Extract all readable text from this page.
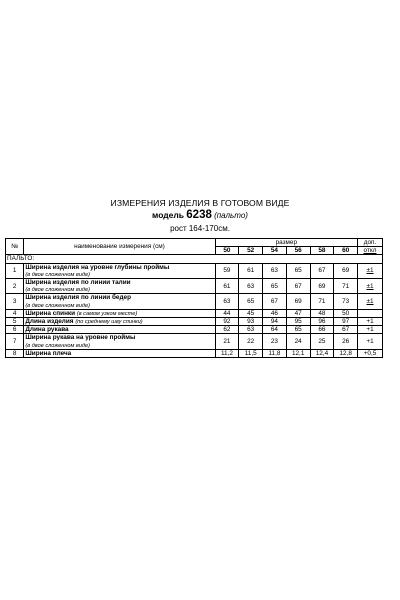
ИЗМЕРЕНИЯ ИЗДЕЛИЯ В ГОТОВОМ ВИДЕ
модель 6238 (пальто)
рост 164-170см.
№	наименование измерения (см)	размер						доп.
		50	52	54	56	58	60	откл
ПАЛЬТО:								
1	Ширина изделия на уровне глубины проймы
(в двое сложенном виде)	59	61	63	65	67	69	±1
2	Ширина изделия по линии талии
(в двое сложенном виде)	61	63	65	67	69	71	±1
3	Ширина изделия по линии бедер
(в двое сложенном виде)	63	65	67	69	71	73	±1
4	Ширина спинки (в самом узком месте)	44	45	46	47	48	50	
5	Длина изделия (по среднему шву спинки)	92	93	94	95	96	97	+1
6	Длина рукава	62	63	64	65	66	67	+1
7	Ширина рукава на уровне проймы
(в двое сложенном виде)	21	22	23	24	25	26	+1
8	Ширина плеча	11,2	11,5	11,8	12,1	12,4	12,8	+0,5
